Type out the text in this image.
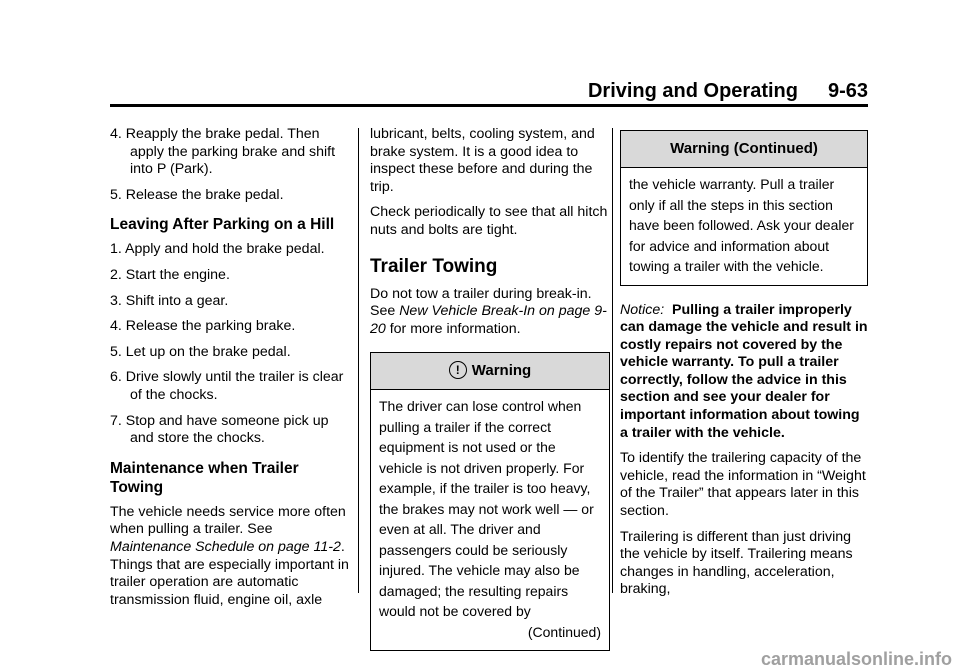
Driving and Operating 9-63
4. Reapply the brake pedal. Then apply the parking brake and shift into P (Park).
5. Release the brake pedal.
Leaving After Parking on a Hill
1. Apply and hold the brake pedal.
2. Start the engine.
3. Shift into a gear.
4. Release the parking brake.
5. Let up on the brake pedal.
6. Drive slowly until the trailer is clear of the chocks.
7. Stop and have someone pick up and store the chocks.
Maintenance when Trailer Towing

The vehicle needs service more often when pulling a trailer. See Maintenance Schedule on page 11-2. Things that are especially important in trailer operation are automatic transmission fluid, engine oil, axle

lubricant, belts, cooling system, and brake system. It is a good idea to inspect these before and during the trip.

Check periodically to see that all hitch nuts and bolts are tight.

Trailer Towing

Do not tow a trailer during break-in. See New Vehicle Break-In on page 9-20 for more information.

! Warning
The driver can lose control when pulling a trailer if the correct equipment is not used or the vehicle is not driven properly. For example, if the trailer is too heavy, the brakes may not work well — or even at all. The driver and passengers could be seriously injured. The vehicle may also be damaged; the resulting repairs would not be covered by
(Continued)
Warning (Continued)
the vehicle warranty. Pull a trailer only if all the steps in this section have been followed. Ask your dealer for advice and information about towing a trailer with the vehicle.

Notice: Pulling a trailer improperly can damage the vehicle and result in costly repairs not covered by the vehicle warranty. To pull a trailer correctly, follow the advice in this section and see your dealer for important information about towing a trailer with the vehicle.

To identify the trailering capacity of the vehicle, read the information in “Weight of the Trailer” that appears later in this section.

Trailering is different than just driving the vehicle by itself. Trailering means changes in handling, acceleration, braking,

carmanualsonline.info
